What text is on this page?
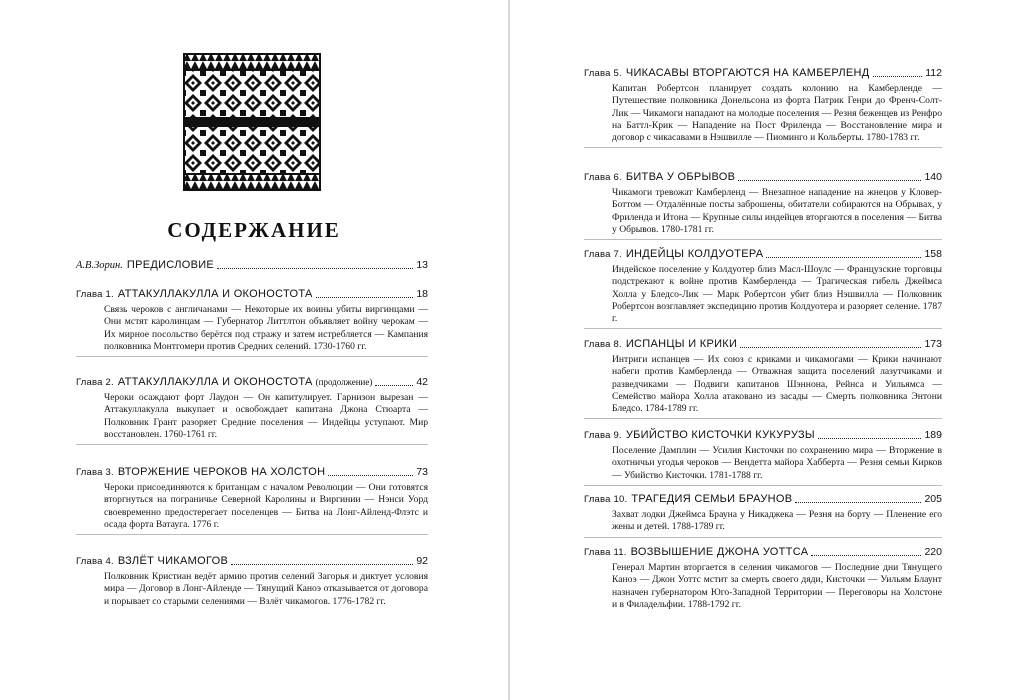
СОДЕРЖАНИЕ
А.В.Зорин. ПРЕДИСЛОВИЕ	13
Глава 1. АТТАКУЛЛАКУЛЛА И ОКОНОСТОТА	18
Связь чероков с англичанами — Некоторые их воины убиты виргинцами — Они мстят каролинцам — Губернатор Литтлтон объявляет войну черокам — Их мирное посольство берётся под стражу и затем истребляется — Кампания полковника Монтгомери против Средних селений. 1730-1760 гг.
Глава 2. АТТАКУЛЛАКУЛЛА И ОКОНОСТОТА (продолжение)	42
Чероки осаждают форт Лаудон — Он капитулирует. Гарнизон вырезан — Аттакуллакулла выкупает и освобождает капитана Джона Стюарта — Полковник Грант разоряет Средние поселения — Индейцы уступают. Мир восстановлен. 1760-1761 гг.
Глава 3. ВТОРЖЕНИЕ ЧЕРОКОВ НА ХОЛСТОН	73
Чероки присоединяются к британцам с началом Революции — Они готовятся вторгнуться на пограничье Северной Каролины и Виргинии — Нэнси Уорд своевременно предостерегает поселенцев — Битва на Лонг-Айленд-Флэтс и осада форта Ватауга. 1776 г.
Глава 4. ВЗЛЁТ ЧИКАМОГОВ	92
Полковник Кристиан ведёт армию против селений Загорья и диктует условия мира — Договор в Лонг-Айленде — Тянущий Каноэ отказывается от договора и порывает со старыми селениями — Взлёт чикамогов. 1776-1782 гг.
Глава 5. ЧИКАСАВЫ ВТОРГАЮТСЯ НА КАМБЕРЛЕНД	112
Капитан Робертсон планирует создать колонию на Камберленде — Путешествие полковника Донельсона из форта Патрик Генри до Френч-Солт-Лик — Чикамоги нападают на молодые поселения — Резня беженцев из Ренфро на Баттл-Крик — Нападение на Пост Фриленда — Восстановление мира и договор с чикасавами в Нэшвилле — Пиоминго и Кольберты. 1780-1783 гг.
Глава 6. БИТВА У ОБРЫВОВ	140
Чикамоги тревожат Камберленд — Внезапное нападение на жнецов у Кловер-Боттом — Отдалённые посты заброшены, обитатели собираются на Обрывах, у Фриленда и Итона — Крупные силы индейцев вторгаются в поселения — Битва у Обрывов. 1780-1781 гг.
Глава 7. ИНДЕЙЦЫ КОЛДУОТЕРА	158
Индейское поселение у Колдуотер близ Масл-Шоулс — Французские торговцы подстрекают к войне против Камберленда — Трагическая гибель Джеймса Холла у Бледсо-Лик — Марк Робертсон убит близ Нэшвилла — Полковник Робертсон возглавляет экспедицию против Колдуотера и разоряет селение. 1787 г.
Глава 8. ИСПАНЦЫ И КРИКИ	173
Интриги испанцев — Их союз с криками и чикамогами — Крики начинают набеги против Камберленда — Отважная защита поселений лазутчиками и разведчиками — Подвиги капитанов Шэннона, Рейнса и Уильямса — Семейство майора Холла атаковано из засады — Смерть полковника Энтони Бледсо. 1784-1789 гг.
Глава 9. УБИЙСТВО КИСТОЧКИ КУКУРУЗЫ	189
Поселение Дамплин — Усилия Кисточки по сохранению мира — Вторжение в охотничьи угодья чероков — Вендетта майора Хабберта — Резня семьи Кирков — Убийство Кисточки. 1781-1788 гг.
Глава 10. ТРАГЕДИЯ СЕМЬИ БРАУНОВ	205
Захват лодки Джеймса Брауна у Никаджека — Резня на борту — Пленение его жены и детей. 1788-1789 гг.
Глава 11. ВОЗВЫШЕНИЕ ДЖОНА УОТТСА	220
Генерал Мартин вторгается в селения чикамогов — Последние дни Тянущего Каноэ — Джон Уоттс мстит за смерть своего дяди, Кисточки — Уильям Блаунт назначен губернатором Юго-Западной Территории — Переговоры на Холстоне и в Филадельфии. 1788-1792 гг.
